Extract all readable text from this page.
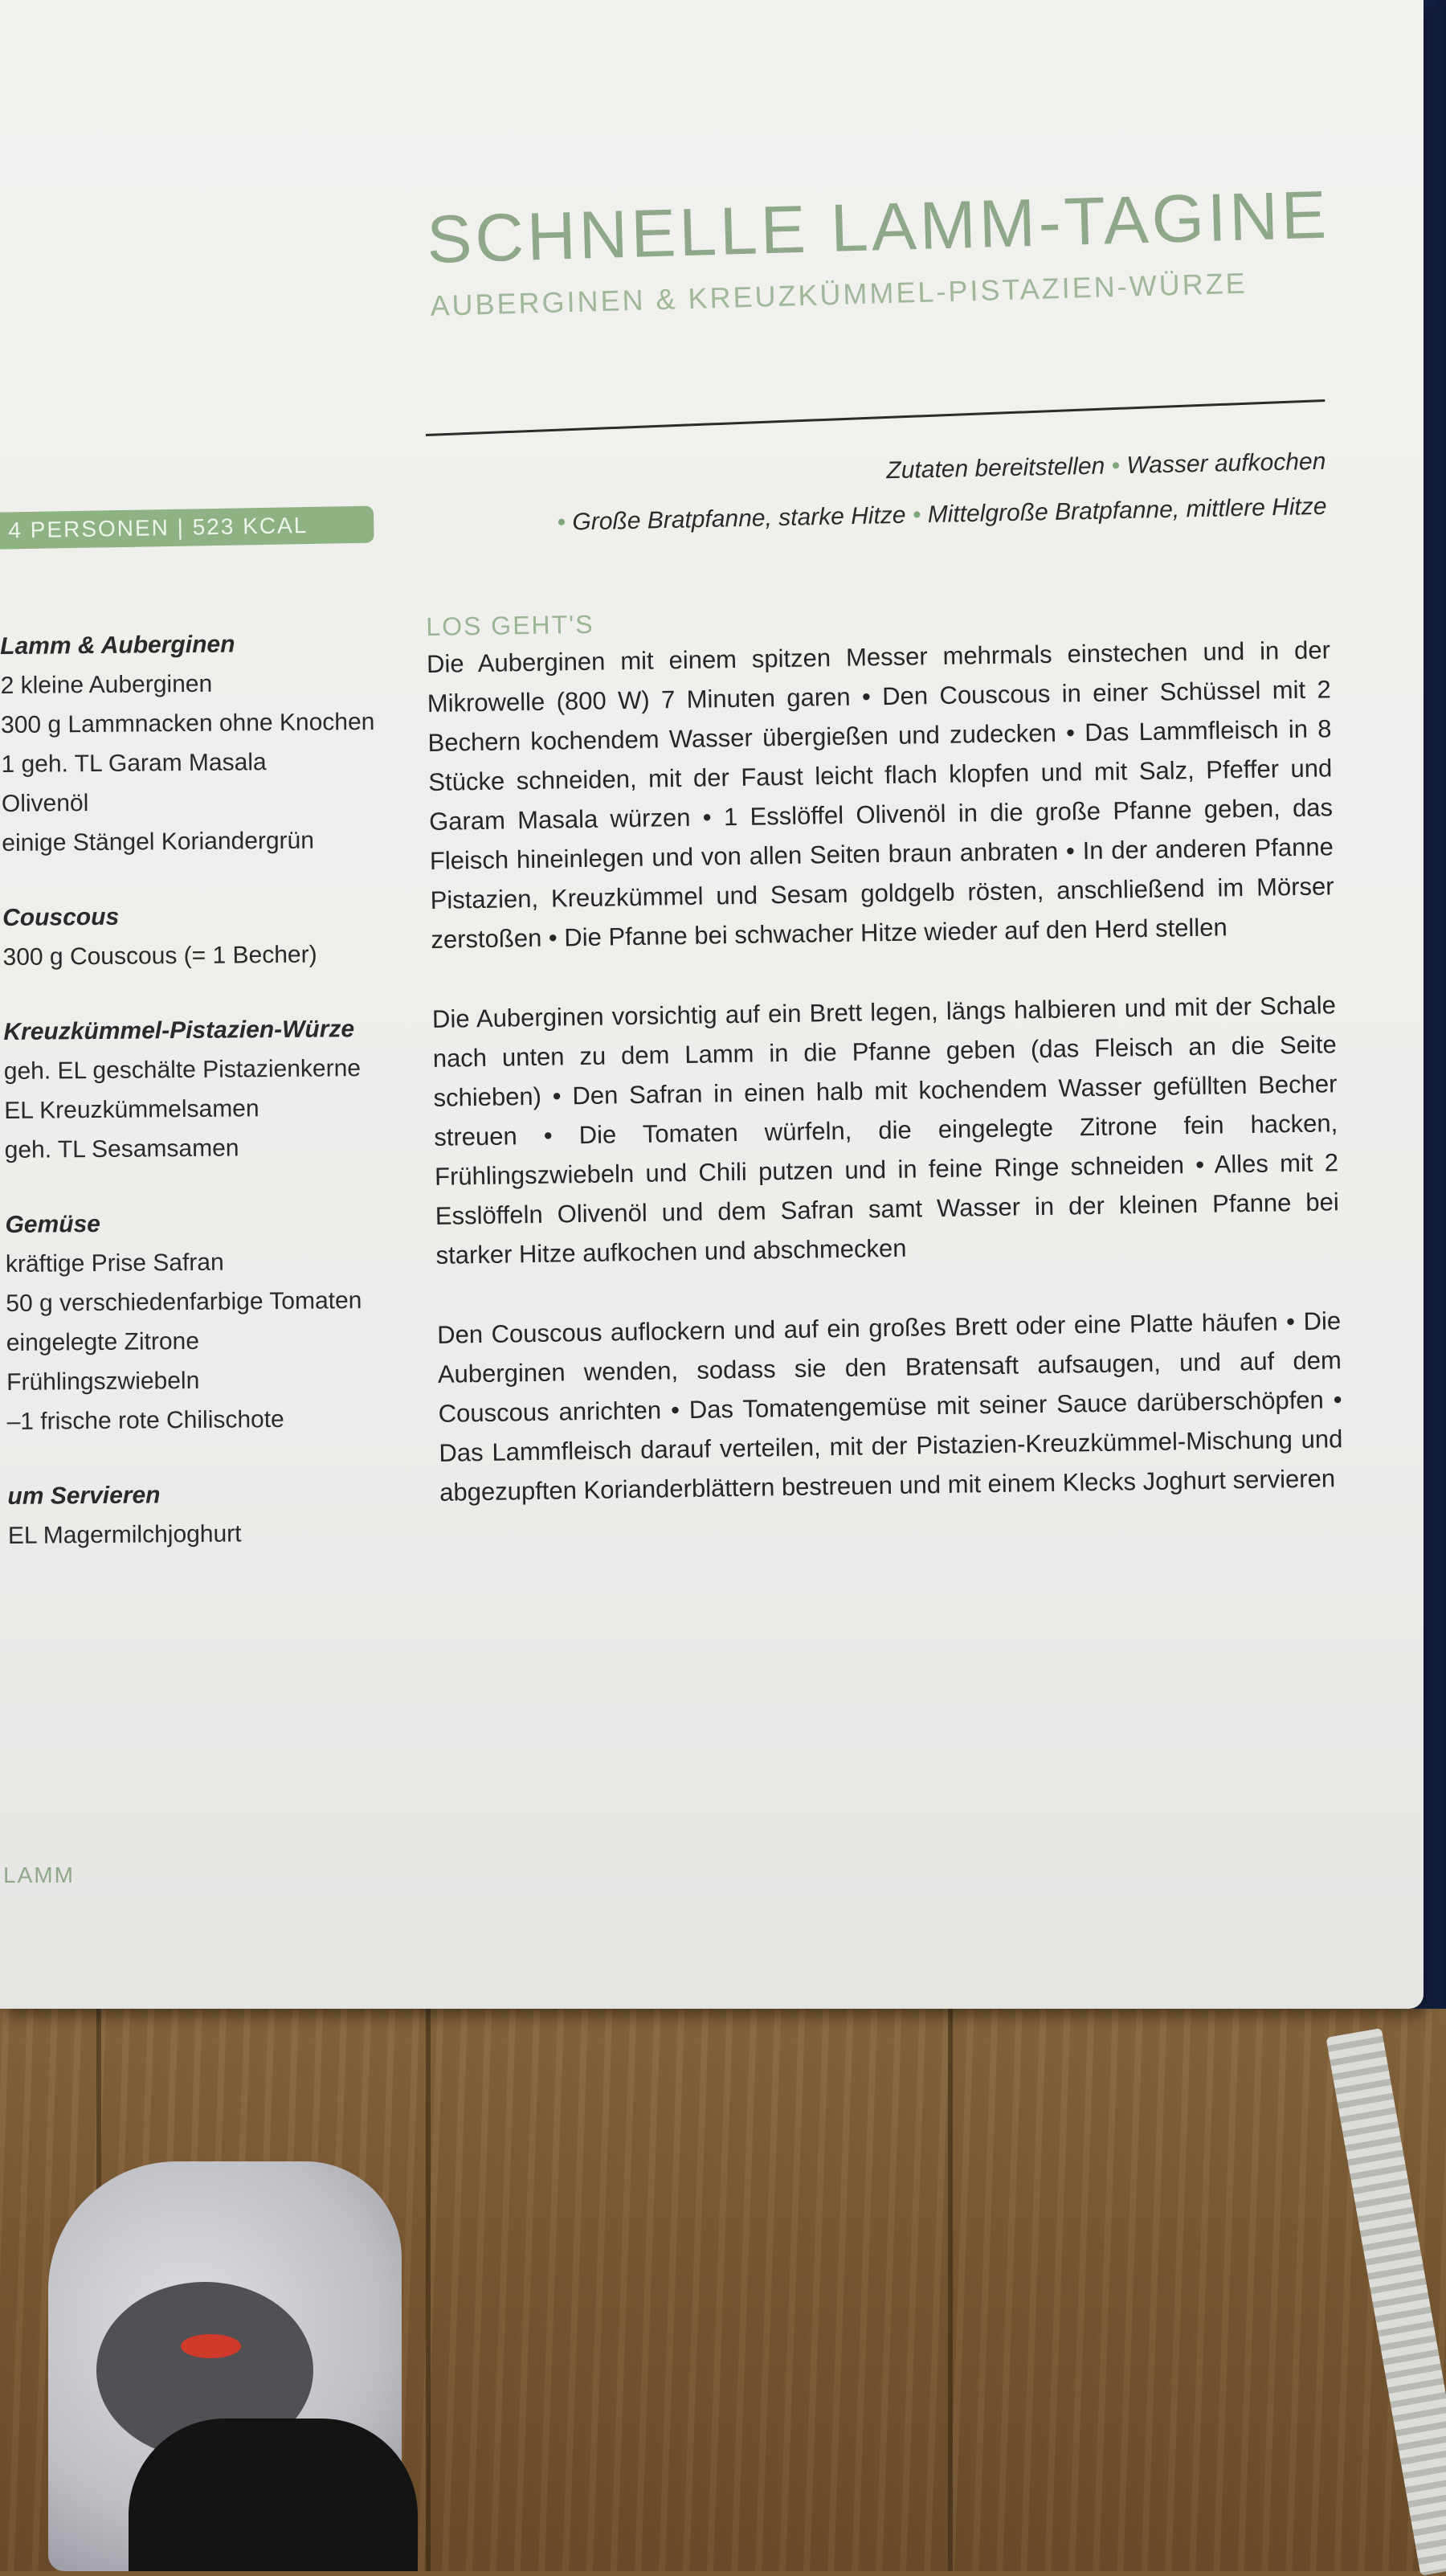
SCHNELLE LAMM-TAGINE
AUBERGINEN & KREUZKÜMMEL-PISTAZIEN-WÜRZE
Zutaten bereitstellen • Wasser aufkochen
• Große Bratpfanne, starke Hitze • Mittelgroße Bratpfanne, mittlere Hitze
4 PERSONEN | 523 KCAL
Lamm & Auberginen
2 kleine Auberginen
300 g Lammnacken ohne Knochen
1 geh. TL Garam Masala
Olivenöl
einige Stängel Koriandergrün
Couscous
300 g Couscous (= 1 Becher)
Kreuzkümmel-Pistazien-Würze
geh. EL geschälte Pistazienkerne
EL Kreuzkümmelsamen
geh. TL Sesamsamen
Gemüse
kräftige Prise Safran
50 g verschiedenfarbige Tomaten
eingelegte Zitrone
Frühlingszwiebeln
–1 frische rote Chilischote
um Servieren
EL Magermilchjoghurt
LOS GEHT'S

Die Auberginen mit einem spitzen Messer mehrmals einstechen und in der Mikrowelle (800 W) 7 Minuten garen • Den Couscous in einer Schüssel mit 2 Bechern kochendem Wasser übergießen und zudecken • Das Lammfleisch in 8 Stücke schneiden, mit der Faust leicht flach klopfen und mit Salz, Pfeffer und Garam Masala würzen • 1 Esslöffel Olivenöl in die große Pfanne geben, das Fleisch hineinlegen und von allen Seiten braun anbraten • In der anderen Pfanne Pistazien, Kreuzkümmel und Sesam goldgelb rösten, anschließend im Mörser zerstoßen • Die Pfanne bei schwacher Hitze wieder auf den Herd stellen

Die Auberginen vorsichtig auf ein Brett legen, längs halbieren und mit der Schale nach unten zu dem Lamm in die Pfanne geben (das Fleisch an die Seite schieben) • Den Safran in einen halb mit kochendem Wasser gefüllten Becher streuen • Die Tomaten würfeln, die eingelegte Zitrone fein hacken, Frühlingszwiebeln und Chili putzen und in feine Ringe schneiden • Alles mit 2 Esslöffeln Olivenöl und dem Safran samt Wasser in der kleinen Pfanne bei starker Hitze aufkochen und abschmecken

Den Couscous auflockern und auf ein großes Brett oder eine Platte häufen • Die Auberginen wenden, sodass sie den Bratensaft aufsaugen, und auf dem Couscous anrichten • Das Tomatengemüse mit seiner Sauce darüberschöpfen • Das Lammfleisch darauf verteilen, mit der Pistazien-Kreuzkümmel-Mischung und abgezupften Korianderblättern bestreuen und mit einem Klecks Joghurt servieren

LAMM
